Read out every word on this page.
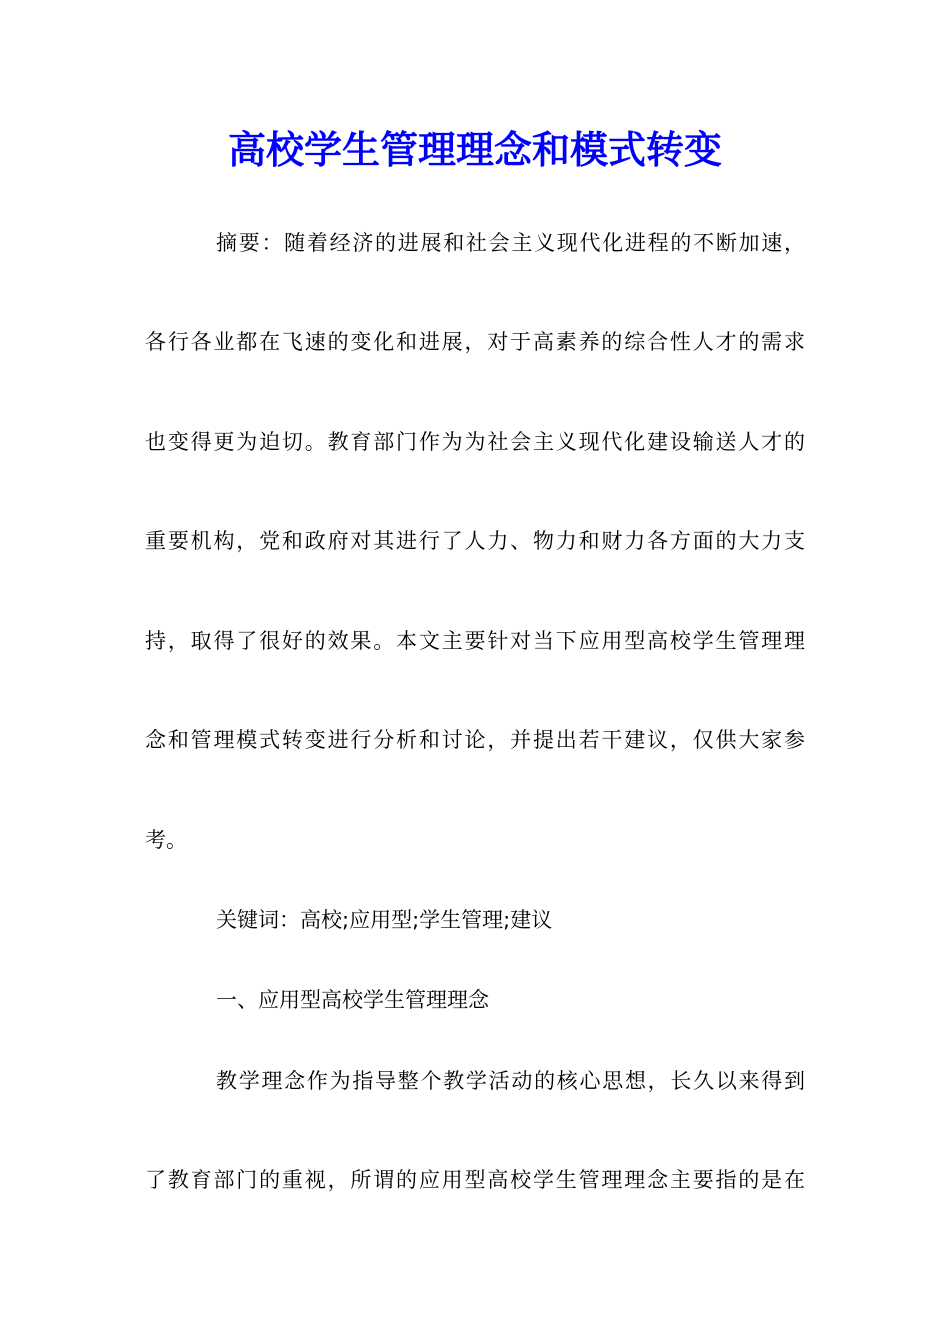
高校学生管理理念和模式转变
摘要：随着经济的进展和社会主义现代化进程的不断加速，
各行各业都在飞速的变化和进展，对于高素养的综合性人才的需求
也变得更为迫切。教育部门作为为社会主义现代化建设输送人才的
重要机构，党和政府对其进行了人力、物力和财力各方面的大力支
持，取得了很好的效果。本文主要针对当下应用型高校学生管理理
念和管理模式转变进行分析和讨论，并提出若干建议，仅供大家参
考。
关键词：高校;应用型;学生管理;建议
一、应用型高校学生管理理念
教学理念作为指导整个教学活动的核心思想，长久以来得到
了教育部门的重视，所谓的应用型高校学生管理理念主要指的是在
